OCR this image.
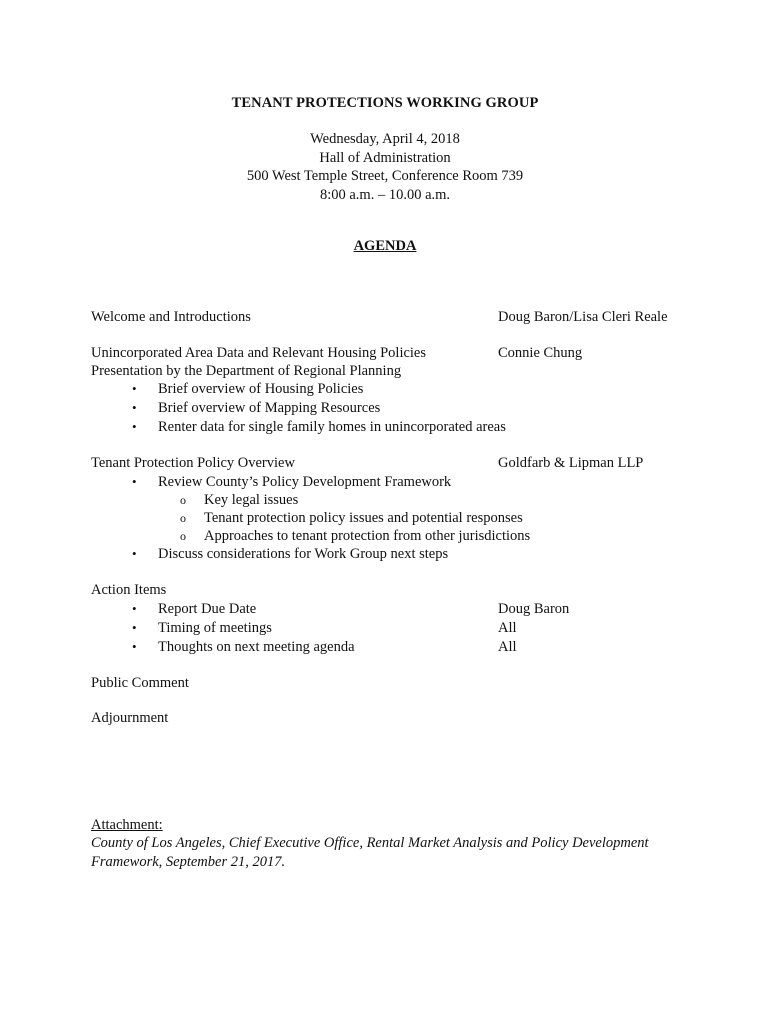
TENANT PROTECTIONS WORKING GROUP
Wednesday, April 4, 2018
Hall of Administration
500 West Temple Street, Conference Room 739
8:00 a.m. – 10.00 a.m.
AGENDA
Welcome and Introductions	Doug Baron/Lisa Cleri Reale
Unincorporated Area Data and Relevant Housing Policies	Connie Chung
Presentation by the Department of Regional Planning
• Brief overview of Housing Policies
• Brief overview of Mapping Resources
• Renter data for single family homes in unincorporated areas
Tenant Protection Policy Overview	Goldfarb & Lipman LLP
• Review County’s Policy Development Framework
o Key legal issues
o Tenant protection policy issues and potential responses
o Approaches to tenant protection from other jurisdictions
• Discuss considerations for Work Group next steps
Action Items
• Report Due Date	Doug Baron
• Timing of meetings	All
• Thoughts on next meeting agenda	All
Public Comment
Adjournment
Attachment:
County of Los Angeles, Chief Executive Office, Rental Market Analysis and Policy Development Framework, September 21, 2017.
